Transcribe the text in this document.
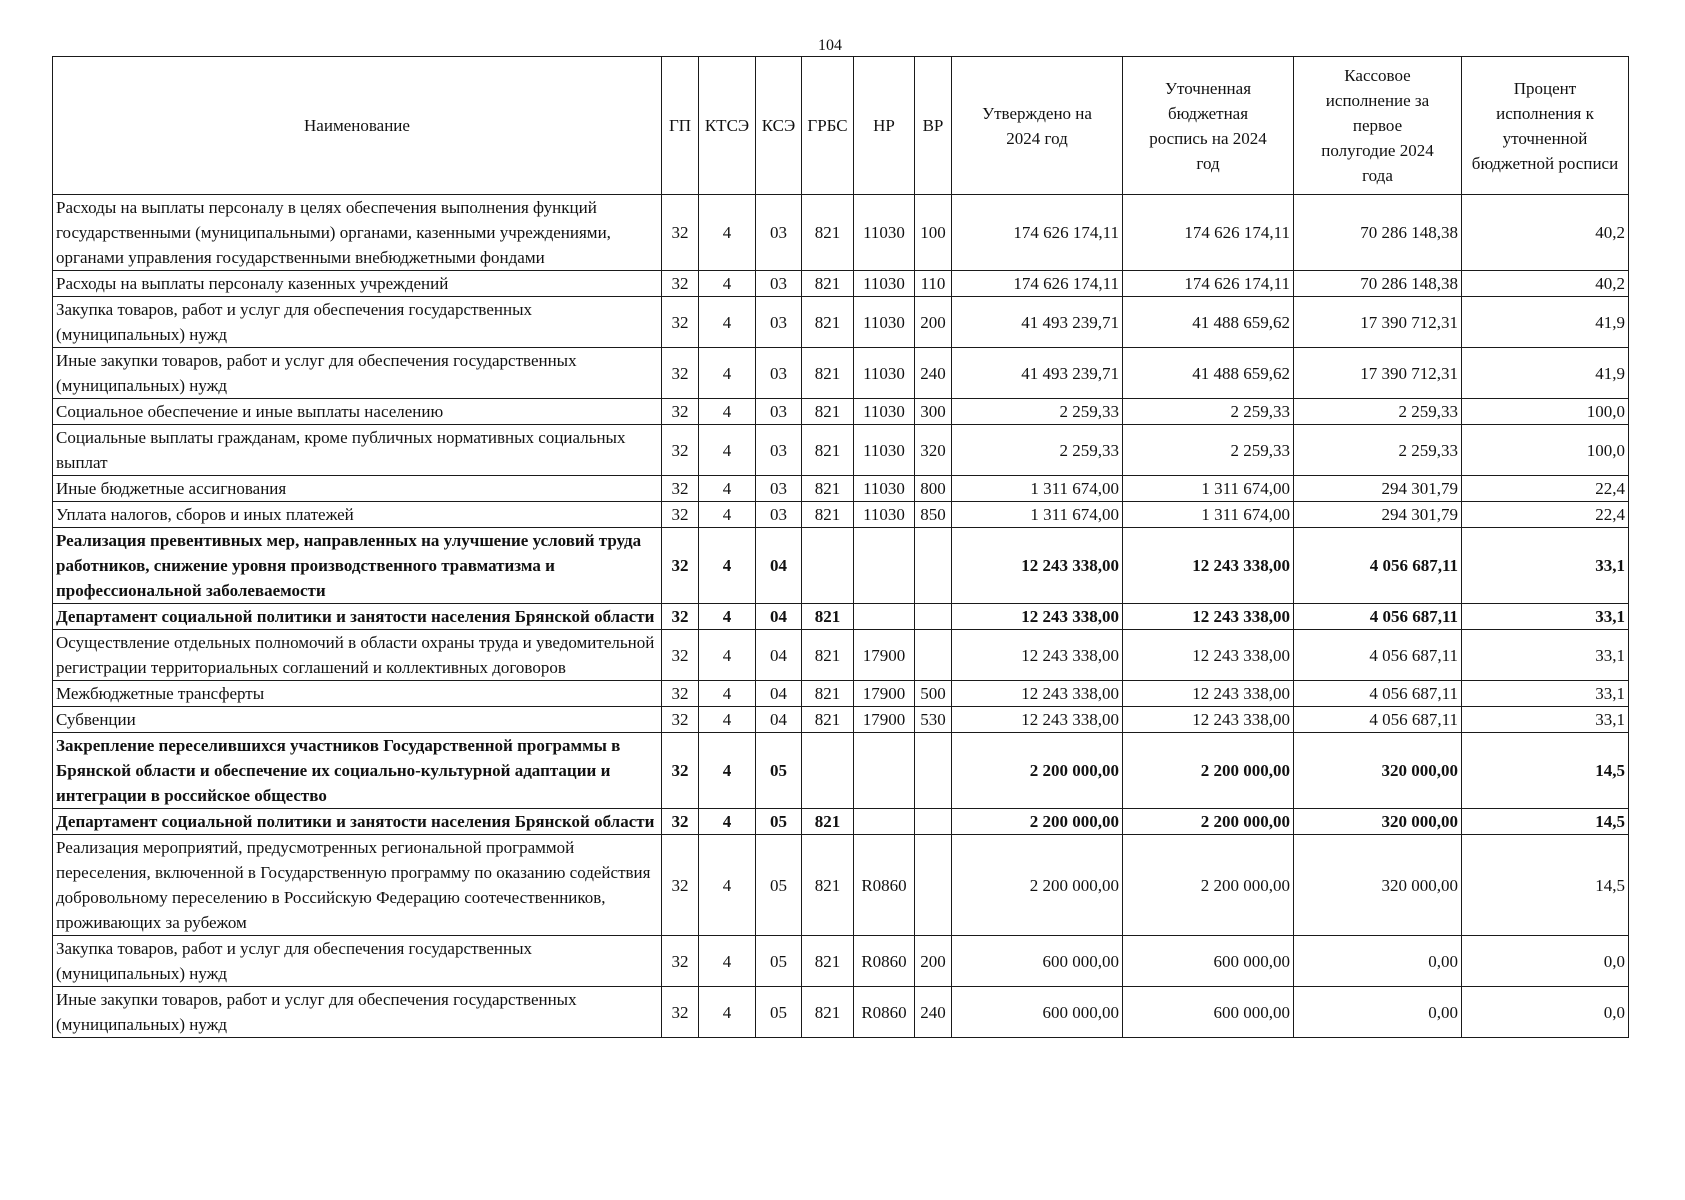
104
Наименование	ГП	КТСЭ	КСЭ	ГРБС	НР	ВР	Утверждено на 2024 год	Уточненная бюджетная роспись на 2024 год	Кассовое исполнение за первое полугодие 2024 года	Процент исполнения к уточненной бюджетной росписи
Расходы на выплаты персоналу в целях обеспечения выполнения функций государственными (муниципальными) органами, казенными учреждениями, органами управления государственными внебюджетными фондами	32	4	03	821	11030	100	174 626 174,11	174 626 174,11	70 286 148,38	40,2
Расходы на выплаты персоналу казенных учреждений	32	4	03	821	11030	110	174 626 174,11	174 626 174,11	70 286 148,38	40,2
Закупка товаров, работ и услуг для обеспечения государственных (муниципальных) нужд	32	4	03	821	11030	200	41 493 239,71	41 488 659,62	17 390 712,31	41,9
Иные закупки товаров, работ и услуг для обеспечения государственных (муниципальных) нужд	32	4	03	821	11030	240	41 493 239,71	41 488 659,62	17 390 712,31	41,9
Социальное обеспечение и иные выплаты населению	32	4	03	821	11030	300	2 259,33	2 259,33	2 259,33	100,0
Социальные выплаты гражданам, кроме публичных нормативных социальных выплат	32	4	03	821	11030	320	2 259,33	2 259,33	2 259,33	100,0
Иные бюджетные ассигнования	32	4	03	821	11030	800	1 311 674,00	1 311 674,00	294 301,79	22,4
Уплата налогов, сборов и иных платежей	32	4	03	821	11030	850	1 311 674,00	1 311 674,00	294 301,79	22,4
Реализация превентивных мер, направленных на улучшение условий труда работников, снижение уровня производственного травматизма и профессиональной заболеваемости	32	4	04				12 243 338,00	12 243 338,00	4 056 687,11	33,1
Департамент социальной политики и занятости населения Брянской области	32	4	04	821			12 243 338,00	12 243 338,00	4 056 687,11	33,1
Осуществление отдельных полномочий в области охраны труда и уведомительной регистрации территориальных соглашений и коллективных договоров	32	4	04	821	17900		12 243 338,00	12 243 338,00	4 056 687,11	33,1
Межбюджетные трансферты	32	4	04	821	17900	500	12 243 338,00	12 243 338,00	4 056 687,11	33,1
Субвенции	32	4	04	821	17900	530	12 243 338,00	12 243 338,00	4 056 687,11	33,1
Закрепление переселившихся участников Государственной программы в Брянской области и обеспечение их социально-культурной адаптации и интеграции в российское общество	32	4	05				2 200 000,00	2 200 000,00	320 000,00	14,5
Департамент социальной политики и занятости населения Брянской области	32	4	05	821			2 200 000,00	2 200 000,00	320 000,00	14,5
Реализация мероприятий, предусмотренных региональной программой переселения, включенной в Государственную программу по оказанию содействия добровольному переселению в Российскую Федерацию соотечественников, проживающих за рубежом	32	4	05	821	R0860		2 200 000,00	2 200 000,00	320 000,00	14,5
Закупка товаров, работ и услуг для обеспечения государственных (муниципальных) нужд	32	4	05	821	R0860	200	600 000,00	600 000,00	0,00	0,0
Иные закупки товаров, работ и услуг для обеспечения государственных (муниципальных) нужд	32	4	05	821	R0860	240	600 000,00	600 000,00	0,00	0,0
